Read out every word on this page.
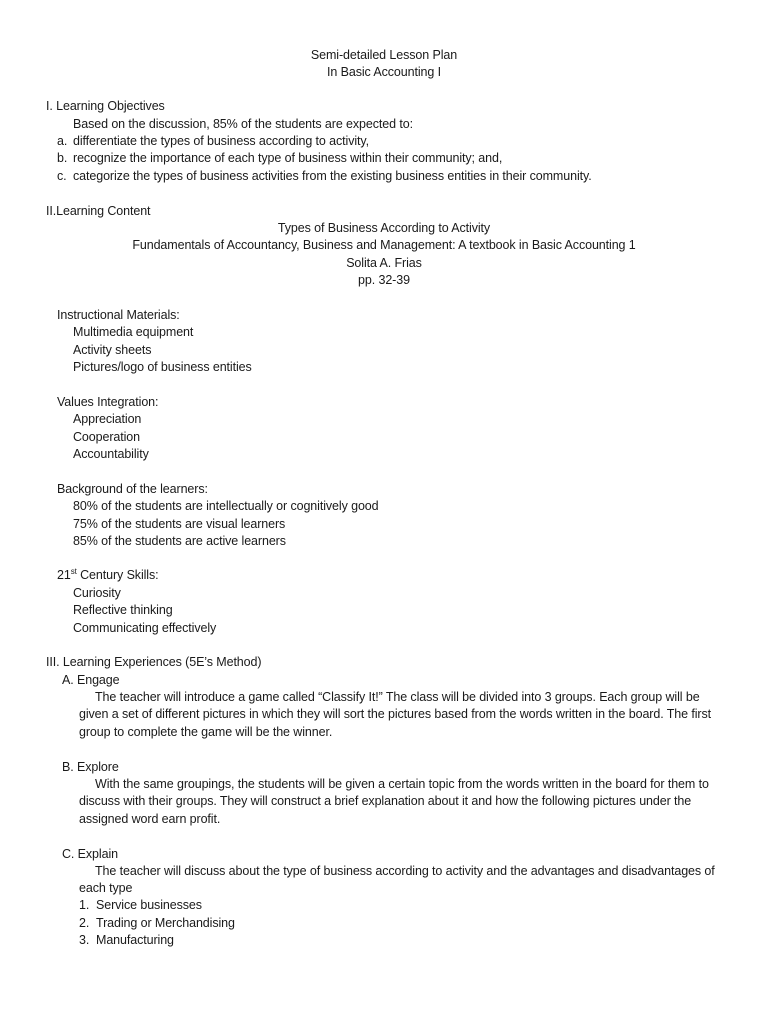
Semi-detailed Lesson Plan
In Basic Accounting I
I. Learning Objectives
Based on the discussion, 85% of the students are expected to:
a. differentiate the types of business according to activity,
b. recognize the importance of each type of business within their community; and,
c. categorize the types of business activities from the existing business entities in their community.
II.Learning Content
Types of Business According to Activity
Fundamentals of Accountancy, Business and Management: A textbook in Basic Accounting 1
Solita A. Frias
pp. 32-39
Instructional Materials:
Multimedia equipment
Activity sheets
Pictures/logo of business entities
Values Integration:
Appreciation
Cooperation
Accountability
Background of the learners:
80% of the students are intellectually or cognitively good
75% of the students are visual learners
85% of the students are active learners
21st Century Skills:
Curiosity
Reflective thinking
Communicating effectively
III. Learning Experiences (5E’s Method)
A. Engage
The teacher will introduce a game called “Classify It!” The class will be divided into 3 groups. Each group will be given a set of different pictures in which they will sort the pictures based from the words written in the board. The first group to complete the game will be the winner.
B. Explore
With the same groupings, the students will be given a certain topic from the words written in the board for them to discuss with their groups. They will construct a brief explanation about it and how the following pictures under the assigned word earn profit.
C. Explain
The teacher will discuss about the type of business according to activity and the advantages and disadvantages of each type
1. Service businesses
2. Trading or Merchandising
3. Manufacturing
